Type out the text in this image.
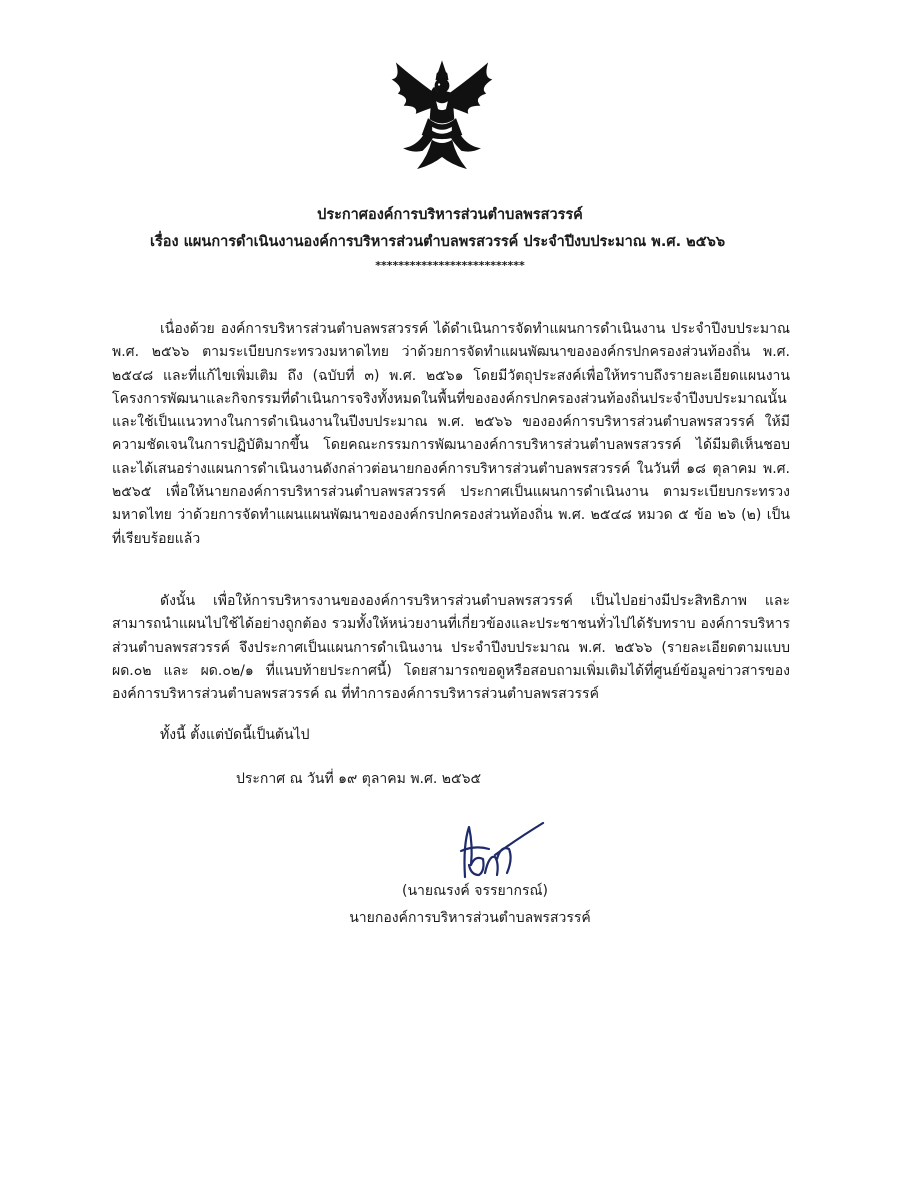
ประกาศองค์การบริหารส่วนตำบลพรสวรรค์
เรื่อง แผนการดำเนินงานองค์การบริหารส่วนตำบลพรสวรรค์ ประจำปีงบประมาณ พ.ศ. ๒๕๖๖
**************************

เนื่องด้วย องค์การบริหารส่วนตำบลพรสวรรค์ ได้ดำเนินการจัดทำแผนการดำเนินงาน ประจำปีงบประมาณ พ.ศ. ๒๕๖๖ ตามระเบียบกระทรวงมหาดไทย ว่าด้วยการจัดทำแผนพัฒนาขององค์กรปกครองส่วนท้องถิ่น พ.ศ. ๒๕๔๘ และที่แก้ไขเพิ่มเติม ถึง (ฉบับที่ ๓) พ.ศ. ๒๕๖๑ โดยมีวัตถุประสงค์เพื่อให้ทราบถึงรายละเอียดแผนงาน โครงการพัฒนาและกิจกรรมที่ดำเนินการจริงทั้งหมดในพื้นที่ขององค์กรปกครองส่วนท้องถิ่นประจำปีงบประมาณนั้น และใช้เป็นแนวทางในการดำเนินงานในปีงบประมาณ พ.ศ. ๒๕๖๖ ขององค์การบริหารส่วนตำบลพรสวรรค์ ให้มีความชัดเจนในการปฏิบัติมากขึ้น โดยคณะกรรมการพัฒนาองค์การบริหารส่วนตำบลพรสวรรค์ ได้มีมติเห็นชอบและได้เสนอร่างแผนการดำเนินงานดังกล่าวต่อนายกองค์การบริหารส่วนตำบลพรสวรรค์ ในวันที่ ๑๘ ตุลาคม พ.ศ. ๒๕๖๕ เพื่อให้นายกองค์การบริหารส่วนตำบลพรสวรรค์ ประกาศเป็นแผนการดำเนินงาน ตามระเบียบกระทรวงมหาดไทย ว่าด้วยการจัดทำแผนแผนพัฒนาขององค์กรปกครองส่วนท้องถิ่น พ.ศ. ๒๕๔๘ หมวด ๕ ข้อ ๒๖ (๒) เป็นที่เรียบร้อยแล้ว

ดังนั้น เพื่อให้การบริหารงานขององค์การบริหารส่วนตำบลพรสวรรค์ เป็นไปอย่างมีประสิทธิภาพ และสามารถนำแผนไปใช้ได้อย่างถูกต้อง รวมทั้งให้หน่วยงานที่เกี่ยวข้องและประชาชนทั่วไปได้รับทราบ องค์การบริหารส่วนตำบลพรสวรรค์ จึงประกาศเป็นแผนการดำเนินงาน ประจำปีงบประมาณ พ.ศ. ๒๕๖๖ (รายละเอียดตามแบบ ผด.๐๒ และ ผด.๐๒/๑ ที่แนบท้ายประกาศนี้) โดยสามารถขอดูหรือสอบถามเพิ่มเติมได้ที่ศูนย์ข้อมูลข่าวสารขององค์การบริหารส่วนตำบลพรสวรรค์ ณ ที่ทำการองค์การบริหารส่วนตำบลพรสวรรค์

ทั้งนี้ ตั้งแต่บัดนี้เป็นต้นไป
ประกาศ ณ วันที่ ๑๙ ตุลาคม พ.ศ. ๒๕๖๕
(นายณรงค์ จรรยากรณ์)
นายกองค์การบริหารส่วนตำบลพรสวรรค์
